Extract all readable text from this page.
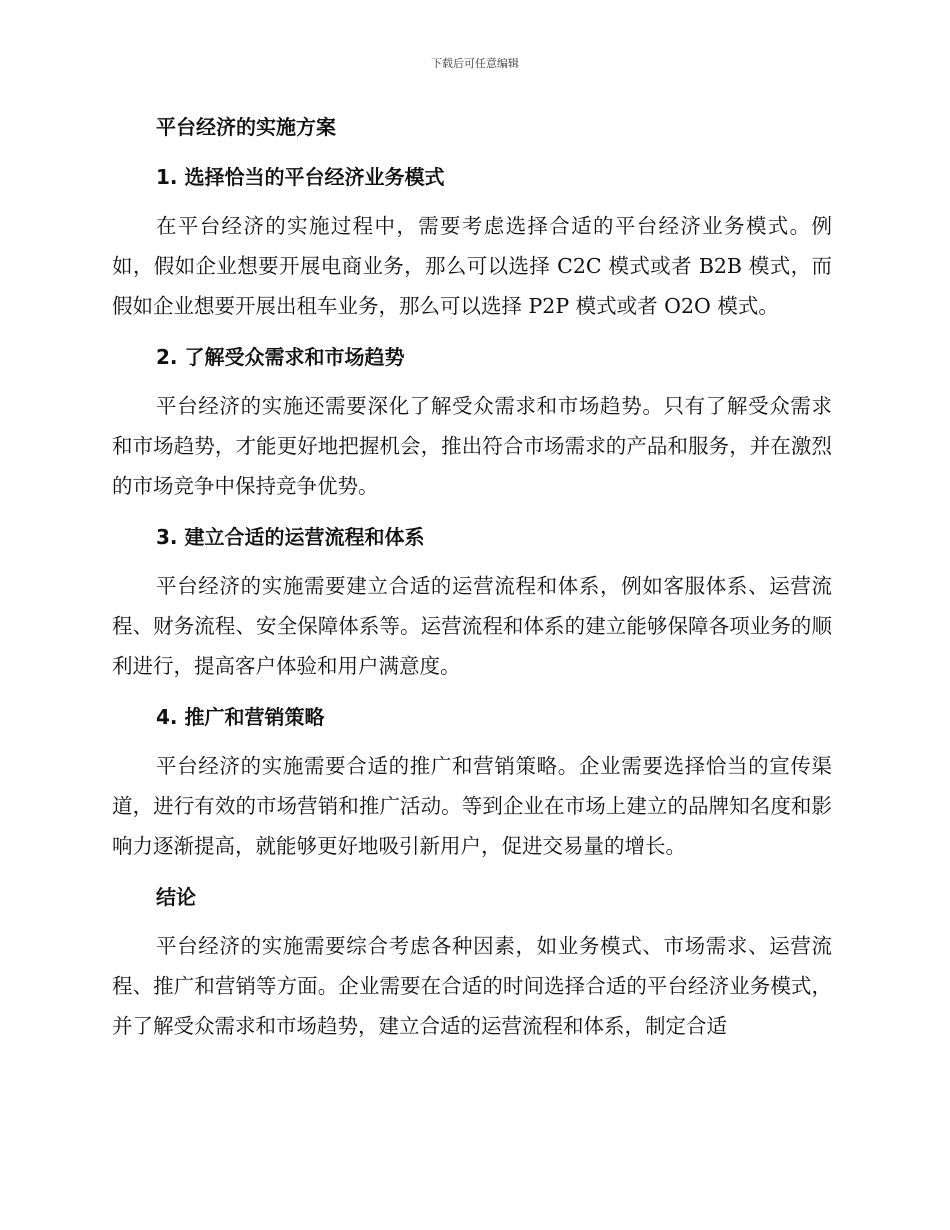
下载后可任意编辑
平台经济的实施方案
1. 选择恰当的平台经济业务模式

在平台经济的实施过程中，需要考虑选择合适的平台经济业务模式。例如，假如企业想要开展电商业务，那么可以选择 C2C 模式或者 B2B 模式，而假如企业想要开展出租车业务，那么可以选择 P2P 模式或者 O2O 模式。

2. 了解受众需求和市场趋势

平台经济的实施还需要深化了解受众需求和市场趋势。只有了解受众需求和市场趋势，才能更好地把握机会，推出符合市场需求的产品和服务，并在激烈的市场竞争中保持竞争优势。

3. 建立合适的运营流程和体系

平台经济的实施需要建立合适的运营流程和体系，例如客服体系、运营流程、财务流程、安全保障体系等。运营流程和体系的建立能够保障各项业务的顺利进行，提高客户体验和用户满意度。

4. 推广和营销策略

平台经济的实施需要合适的推广和营销策略。企业需要选择恰当的宣传渠道，进行有效的市场营销和推广活动。等到企业在市场上建立的品牌知名度和影响力逐渐提高，就能够更好地吸引新用户，促进交易量的增长。

结论

平台经济的实施需要综合考虑各种因素，如业务模式、市场需求、运营流程、推广和营销等方面。企业需要在合适的时间选择合适的平台经济业务模式，并了解受众需求和市场趋势，建立合适的运营流程和体系，制定合适
